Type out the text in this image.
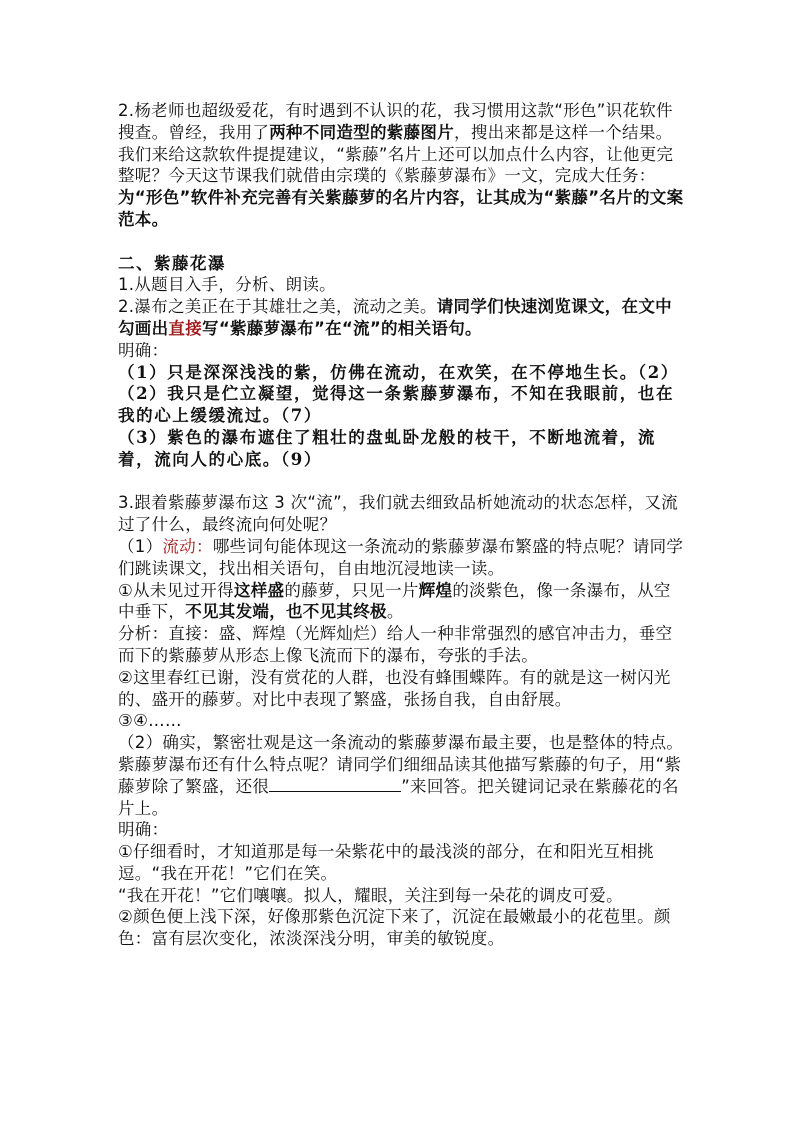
2.杨老师也超级爱花，有时遇到不认识的花，我习惯用这款“形色”识花软件搜查。曾经，我用了两种不同造型的紫藤图片，搜出来都是这样一个结果。我们来给这款软件提提建议，“紫藤”名片上还可以加点什么内容，让他更完整呢？今天这节课我们就借由宗璞的《紫藤萝瀑布》一文，完成大任务：为“形色”软件补充完善有关紫藤萝的名片内容，让其成为“紫藤”名片的文案范本。

二、紫藤花瀑

1.从题目入手，分析、朗读。

2.瀑布之美正在于其雄壮之美，流动之美。请同学们快速浏览课文，在文中勾画出直接写“紫藤萝瀑布”在“流”的相关语句。

明确：

（1）只是深深浅浅的紫，仿佛在流动，在欢笑，在不停地生长。（2）

（2）我只是伫立凝望，觉得这一条紫藤萝瀑布，不知在我眼前，也在我的心上缓缓流过。（7）

（3）紫色的瀑布遮住了粗壮的盘虬卧龙般的枝干，不断地流着，流着，流向人的心底。（9）

3.跟着紫藤萝瀑布这 3 次“流”，我们就去细致品析她流动的状态怎样，又流过了什么，最终流向何处呢？

（1）流动：哪些词句能体现这一条流动的紫藤萝瀑布繁盛的特点呢？请同学们跳读课文，找出相关语句，自由地沉浸地读一读。

①从未见过开得这样盛的藤萝，只见一片辉煌的淡紫色，像一条瀑布，从空中垂下，不见其发端，也不见其终极。

分析：直接：盛、辉煌（光辉灿烂）给人一种非常强烈的感官冲击力，垂空而下的紫藤萝从形态上像飞流而下的瀑布，夸张的手法。

②这里春红已谢，没有赏花的人群，也没有蜂围蝶阵。有的就是这一树闪光的、盛开的藤萝。对比中表现了繁盛，张扬自我，自由舒展。

③④……

（2）确实，繁密壮观是这一条流动的紫藤萝瀑布最主要，也是整体的特点。紫藤萝瀑布还有什么特点呢？请同学们细细品读其他描写紫藤的句子，用“紫藤萝除了繁盛，还很	”来回答。把关键词记录在紫藤花的名片上。

明确：

①仔细看时，才知道那是每一朵紫花中的最浅淡的部分，在和阳光互相挑逗。“我在开花！”它们在笑。

“我在开花！”它们嚷嚷。拟人，耀眼，关注到每一朵花的调皮可爱。

②颜色便上浅下深，好像那紫色沉淀下来了，沉淀在最嫩最小的花苞里。颜色：富有层次变化，浓淡深浅分明，审美的敏锐度。
